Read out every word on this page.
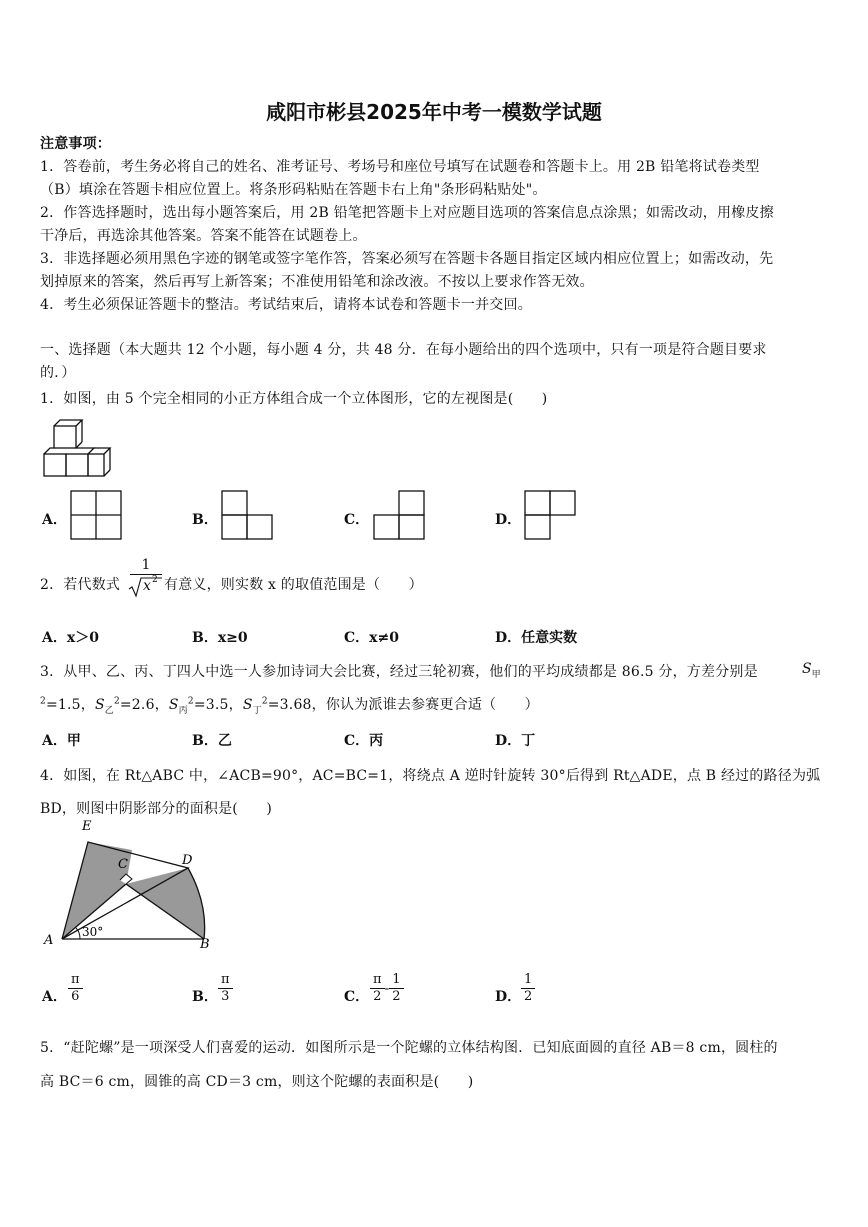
咸阳市彬县2025年中考一模数学试题
注意事项：
1．答卷前，考生务必将自己的姓名、准考证号、考场号和座位号填写在试题卷和答题卡上。用 2B 铅笔将试卷类型
（B）填涂在答题卡相应位置上。将条形码粘贴在答题卡右上角"条形码粘贴处"。
2．作答选择题时，选出每小题答案后，用 2B 铅笔把答题卡上对应题目选项的答案信息点涂黑；如需改动，用橡皮擦
干净后，再选涂其他答案。答案不能答在试题卷上。
3．非选择题必须用黑色字迹的钢笔或签字笔作答，答案必须写在答题卡各题目指定区域内相应位置上；如需改动，先
划掉原来的答案，然后再写上新答案；不准使用铅笔和涂改液。不按以上要求作答无效。
4．考生必须保证答题卡的整洁。考试结束后，请将本试卷和答题卡一并交回。
一、选择题（本大题共 12 个小题，每小题 4 分，共 48 分．在每小题给出的四个选项中，只有一项是符合题目要求
的．）
1．如图，由 5 个完全相同的小正方体组合成一个立体图形，它的左视图是(　　)
A．	B．	C．	D．
2．若代数式
1
x 2 有意义，则实数 x 的取值范围是（　　）
A．x＞0	B．x≥0	C．x≠0	D．任意实数
3．从甲、乙、丙、丁四人中选一人参加诗词大会比赛，经过三轮初赛，他们的平均成绩都是 86.5 分，方差分别是	$S_甲$
$^2$=1.5，$S_乙^2=2.6$，$S_丙^2=3.5$，$S_丁^2=3.68$，你认为派谁去参赛更合适（　　）
A．甲	B．乙	C．丙	D．丁
4．如图，在 Rt△ABC 中，∠ACB=90°，AC=BC=1，将绕点 A 逆时针旋转 30°后得到 Rt△ADE，点 B 经过的路径为弧
BD，则图中阴影部分的面积是(　　)
E
C	D
A	B
30°
A． $\frac{\pi}{6}$	B． $\frac{\pi}{3}$	C． $\frac{\pi}{2} - \frac{1}{2}$	D． $\frac{1}{2}$
5．“赶陀螺”是一项深受人们喜爱的运动．如图所示是一个陀螺的立体结构图．已知底面圆的直径 AB＝8 cm，圆柱的
高 BC＝6 cm，圆锥的高 CD＝3 cm，则这个陀螺的表面积是(　　)
